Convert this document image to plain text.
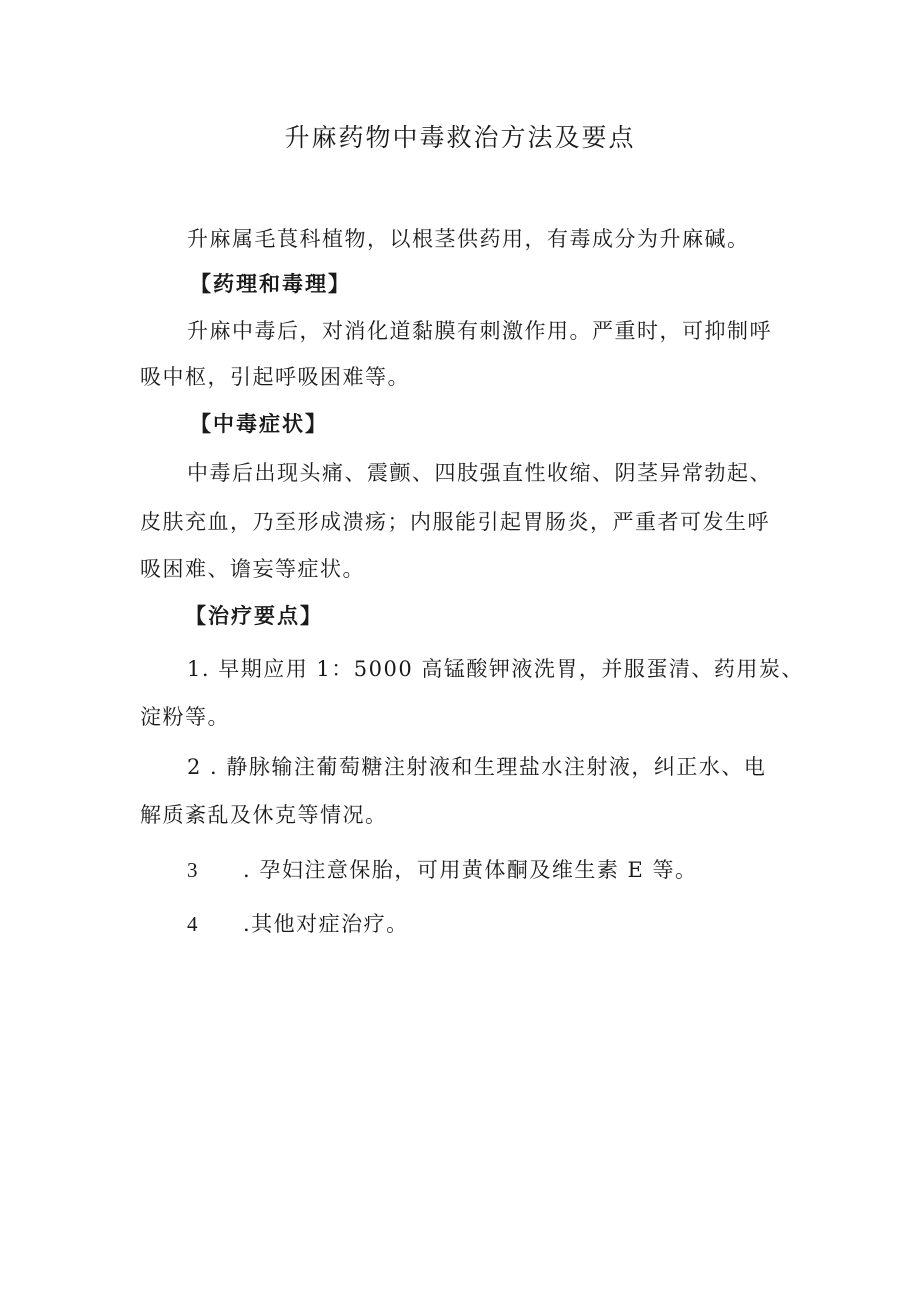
升麻药物中毒救治方法及要点
升麻属毛茛科植物，以根茎供药用，有毒成分为升麻碱。
【药理和毒理】
升麻中毒后，对消化道黏膜有刺激作用。严重时，可抑制呼
吸中枢，引起呼吸困难等。
【中毒症状】
中毒后出现头痛、震颤、四肢强直性收缩、阴茎异常勃起、
皮肤充血，乃至形成溃疡；内服能引起胃肠炎，严重者可发生呼
吸困难、谵妄等症状。
【治疗要点】
1. 早期应用 1：5000 高锰酸钾液洗胃，并服蛋清、药用炭、
淀粉等。
2 . 静脉输注葡萄糖注射液和生理盐水注射液，纠正水、电
解质紊乱及休克等情况。
3 . 孕妇注意保胎，可用黄体酮及维生素 E 等。
4 .其他对症治疗。
